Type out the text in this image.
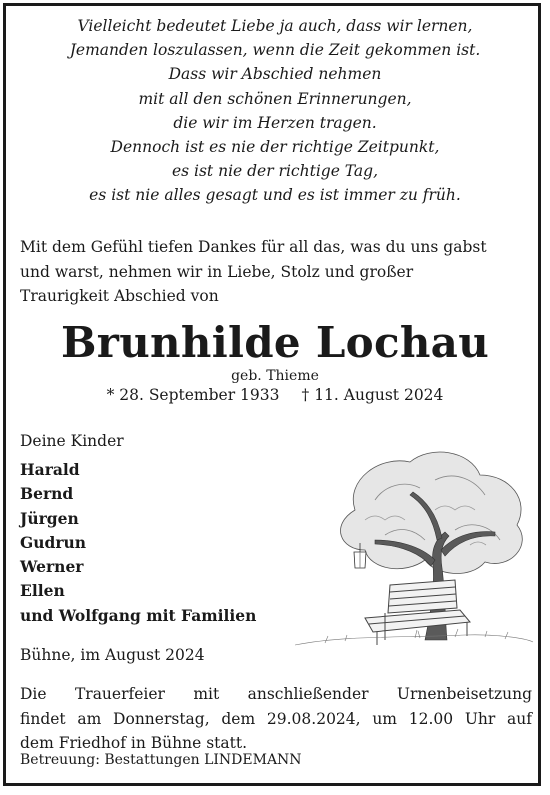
Vielleicht bedeutet Liebe ja auch, dass wir lernen,
Jemanden loszulassen, wenn die Zeit gekommen ist.
Dass wir Abschied nehmen
mit all den schönen Erinnerungen,
die wir im Herzen tragen.
Dennoch ist es nie der richtige Zeitpunkt,
es ist nie der richtige Tag,
es ist nie alles gesagt und es ist immer zu früh.
Mit dem Gefühl tiefen Dankes für all das, was du uns gabst
und warst, nehmen wir in Liebe, Stolz und großer
Traurigkeit Abschied von
Brunhilde Lochau
geb. Thieme
* 28. September 1933 † 11. August 2024
Deine Kinder
Harald
Bernd
Jürgen
Gudrun
Werner
Ellen
und Wolfgang mit Familien
Bühne, im August 2024
Die Trauerfeier mit anschließender Urnenbeisetzung
findet am Donnerstag, dem 29.08.2024, um 12.00 Uhr auf
dem Friedhof in Bühne statt.
Betreuung: Bestattungen LINDEMANN
